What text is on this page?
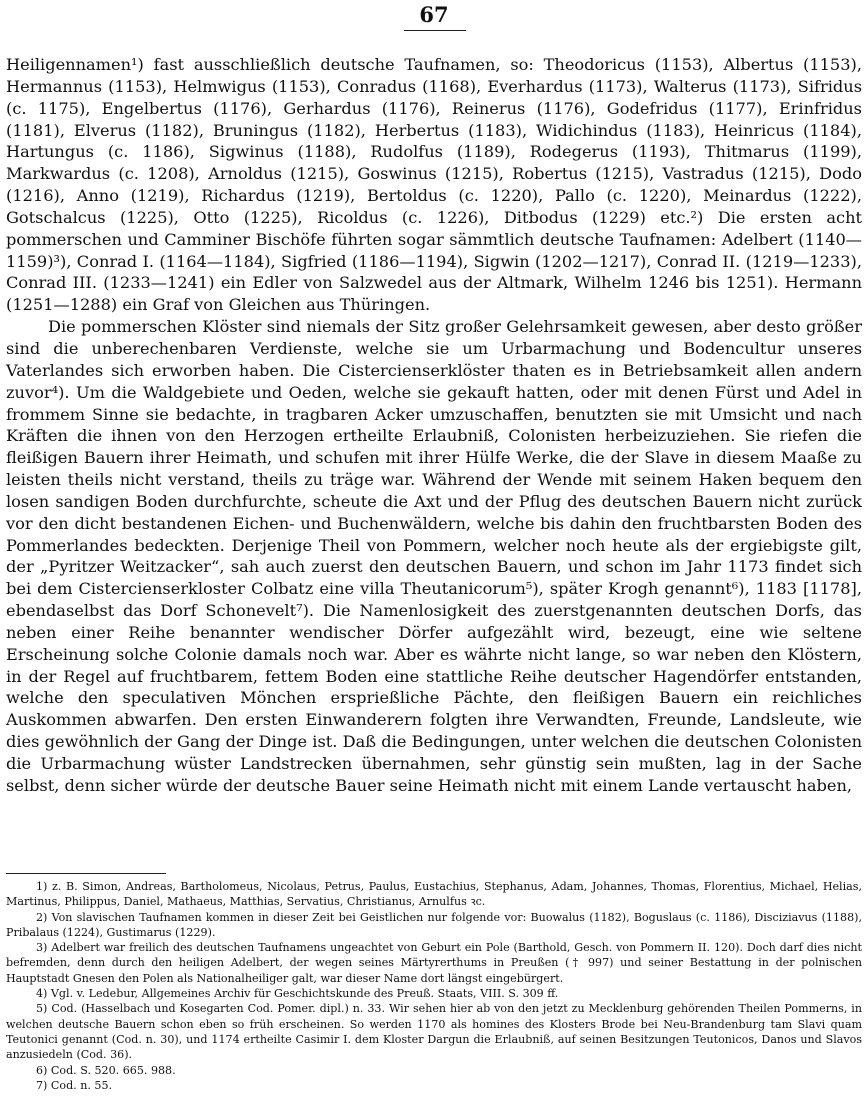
67

Heiligennamen¹) fast ausschließlich deutsche Taufnamen, so: Theodoricus (1153), Albertus (1153), Hermannus (1153), Helmwigus (1153), Conradus (1168), Everhardus (1173), Walterus (1173), Sifridus (c. 1175), Engelbertus (1176), Gerhardus (1176), Reinerus (1176), Godefridus (1177), Erinfridus (1181), Elverus (1182), Bruningus (1182), Herbertus (1183), Widichindus (1183), Heinricus (1184), Hartungus (c. 1186), Sigwinus (1188), Rudolfus (1189), Rodegerus (1193), Thitmarus (1199), Markwardus (c. 1208), Arnoldus (1215), Goswinus (1215), Robertus (1215), Vastradus (1215), Dodo (1216), Anno (1219), Richardus (1219), Bertoldus (c. 1220), Pallo (c. 1220), Meinardus (1222), Gotschalcus (1225), Otto (1225), Ricoldus (c. 1226), Ditbodus (1229) etc.²) Die ersten acht pommerschen und Camminer Bischöfe führten sogar sämmtlich deutsche Taufnamen: Adelbert (1140—1159)³), Conrad I. (1164—1184), Sigfried (1186—1194), Sigwin (1202—1217), Conrad II. (1219—1233), Conrad III. (1233—1241) ein Edler von Salzwedel aus der Altmark, Wilhelm 1246 bis 1251). Hermann (1251—1288) ein Graf von Gleichen aus Thüringen.

Die pommerschen Klöster sind niemals der Sitz großer Gelehrsamkeit gewesen, aber desto größer sind die unberechenbaren Verdienste, welche sie um Urbarmachung und Bodencultur unseres Vaterlandes sich erworben haben. Die Cistercienserklöster thaten es in Betriebsamkeit allen andern zuvor⁴). Um die Waldgebiete und Oeden, welche sie gekauft hatten, oder mit denen Fürst und Adel in frommem Sinne sie bedachte, in tragbaren Acker umzuschaffen, benutzten sie mit Umsicht und nach Kräften die ihnen von den Herzogen ertheilte Erlaubniß, Colonisten herbeizuziehen. Sie riefen die fleißigen Bauern ihrer Heimath, und schufen mit ihrer Hülfe Werke, die der Slave in diesem Maaße zu leisten theils nicht verstand, theils zu träge war. Während der Wende mit seinem Haken bequem den losen sandigen Boden durchfurchte, scheute die Axt und der Pflug des deutschen Bauern nicht zurück vor den dicht bestandenen Eichen- und Buchenwäldern, welche bis dahin den fruchtbarsten Boden des Pommerlandes bedeckten. Derjenige Theil von Pommern, welcher noch heute als der ergiebigste gilt, der „Pyritzer Weitzacker“, sah auch zuerst den deutschen Bauern, und schon im Jahr 1173 findet sich bei dem Cistercienserkloster Colbatz eine villa Theutanicorum⁵), später Krogh genannt⁶), 1183 [1178], ebendaselbst das Dorf Schonevelt⁷). Die Namenlosigkeit des zuerstgenannten deutschen Dorfs, das neben einer Reihe benannter wendischer Dörfer aufgezählt wird, bezeugt, eine wie seltene Erscheinung solche Colonie damals noch war. Aber es währte nicht lange, so war neben den Klöstern, in der Regel auf fruchtbarem, fettem Boden eine stattliche Reihe deutscher Hagendörfer entstanden, welche den speculativen Mönchen ersprießliche Pächte, den fleißigen Bauern ein reichliches Auskommen abwarfen. Den ersten Einwanderern folgten ihre Verwandten, Freunde, Landsleute, wie dies gewöhnlich der Gang der Dinge ist. Daß die Bedingungen, unter welchen die deutschen Colonisten die Urbarmachung wüster Landstrecken übernahmen, sehr günstig sein mußten, lag in der Sache selbst, denn sicher würde der deutsche Bauer seine Heimath nicht mit einem Lande vertauscht haben,

1) z. B. Simon, Andreas, Bartholomeus, Nicolaus, Petrus, Paulus, Eustachius, Stephanus, Adam, Johannes, Thomas, Florentius, Michael, Helias, Martinus, Philippus, Daniel, Mathaeus, Matthias, Servatius, Christianus, Arnulfus ꝛc.

2) Von slavischen Taufnamen kommen in dieser Zeit bei Geistlichen nur folgende vor: Buowalus (1182), Boguslaus (c. 1186), Disciziavus (1188), Pribalaus (1224), Gustimarus (1229).

3) Adelbert war freilich des deutschen Taufnamens ungeachtet von Geburt ein Pole (Barthold, Gesch. von Pommern II. 120). Doch darf dies nicht befremden, denn durch den heiligen Adelbert, der wegen seines Märtyrerthums in Preußen († 997) und seiner Bestattung in der polnischen Hauptstadt Gnesen den Polen als Nationalheiliger galt, war dieser Name dort längst eingebürgert.

4) Vgl. v. Ledebur, Allgemeines Archiv für Geschichtskunde des Preuß. Staats, VIII. S. 309 ff.

5) Cod. (Hasselbach und Kosegarten Cod. Pomer. dipl.) n. 33. Wir sehen hier ab von den jetzt zu Mecklenburg gehörenden Theilen Pommerns, in welchen deutsche Bauern schon eben so früh erscheinen. So werden 1170 als homines des Klosters Brode bei Neu-Brandenburg tam Slavi quam Teutonici genannt (Cod. n. 30), und 1174 ertheilte Casimir I. dem Kloster Dargun die Erlaubniß, auf seinen Besitzungen Teutonicos, Danos und Slavos anzusiedeln (Cod. 36).

6) Cod. S. 520. 665. 988.

7) Cod. n. 55.
